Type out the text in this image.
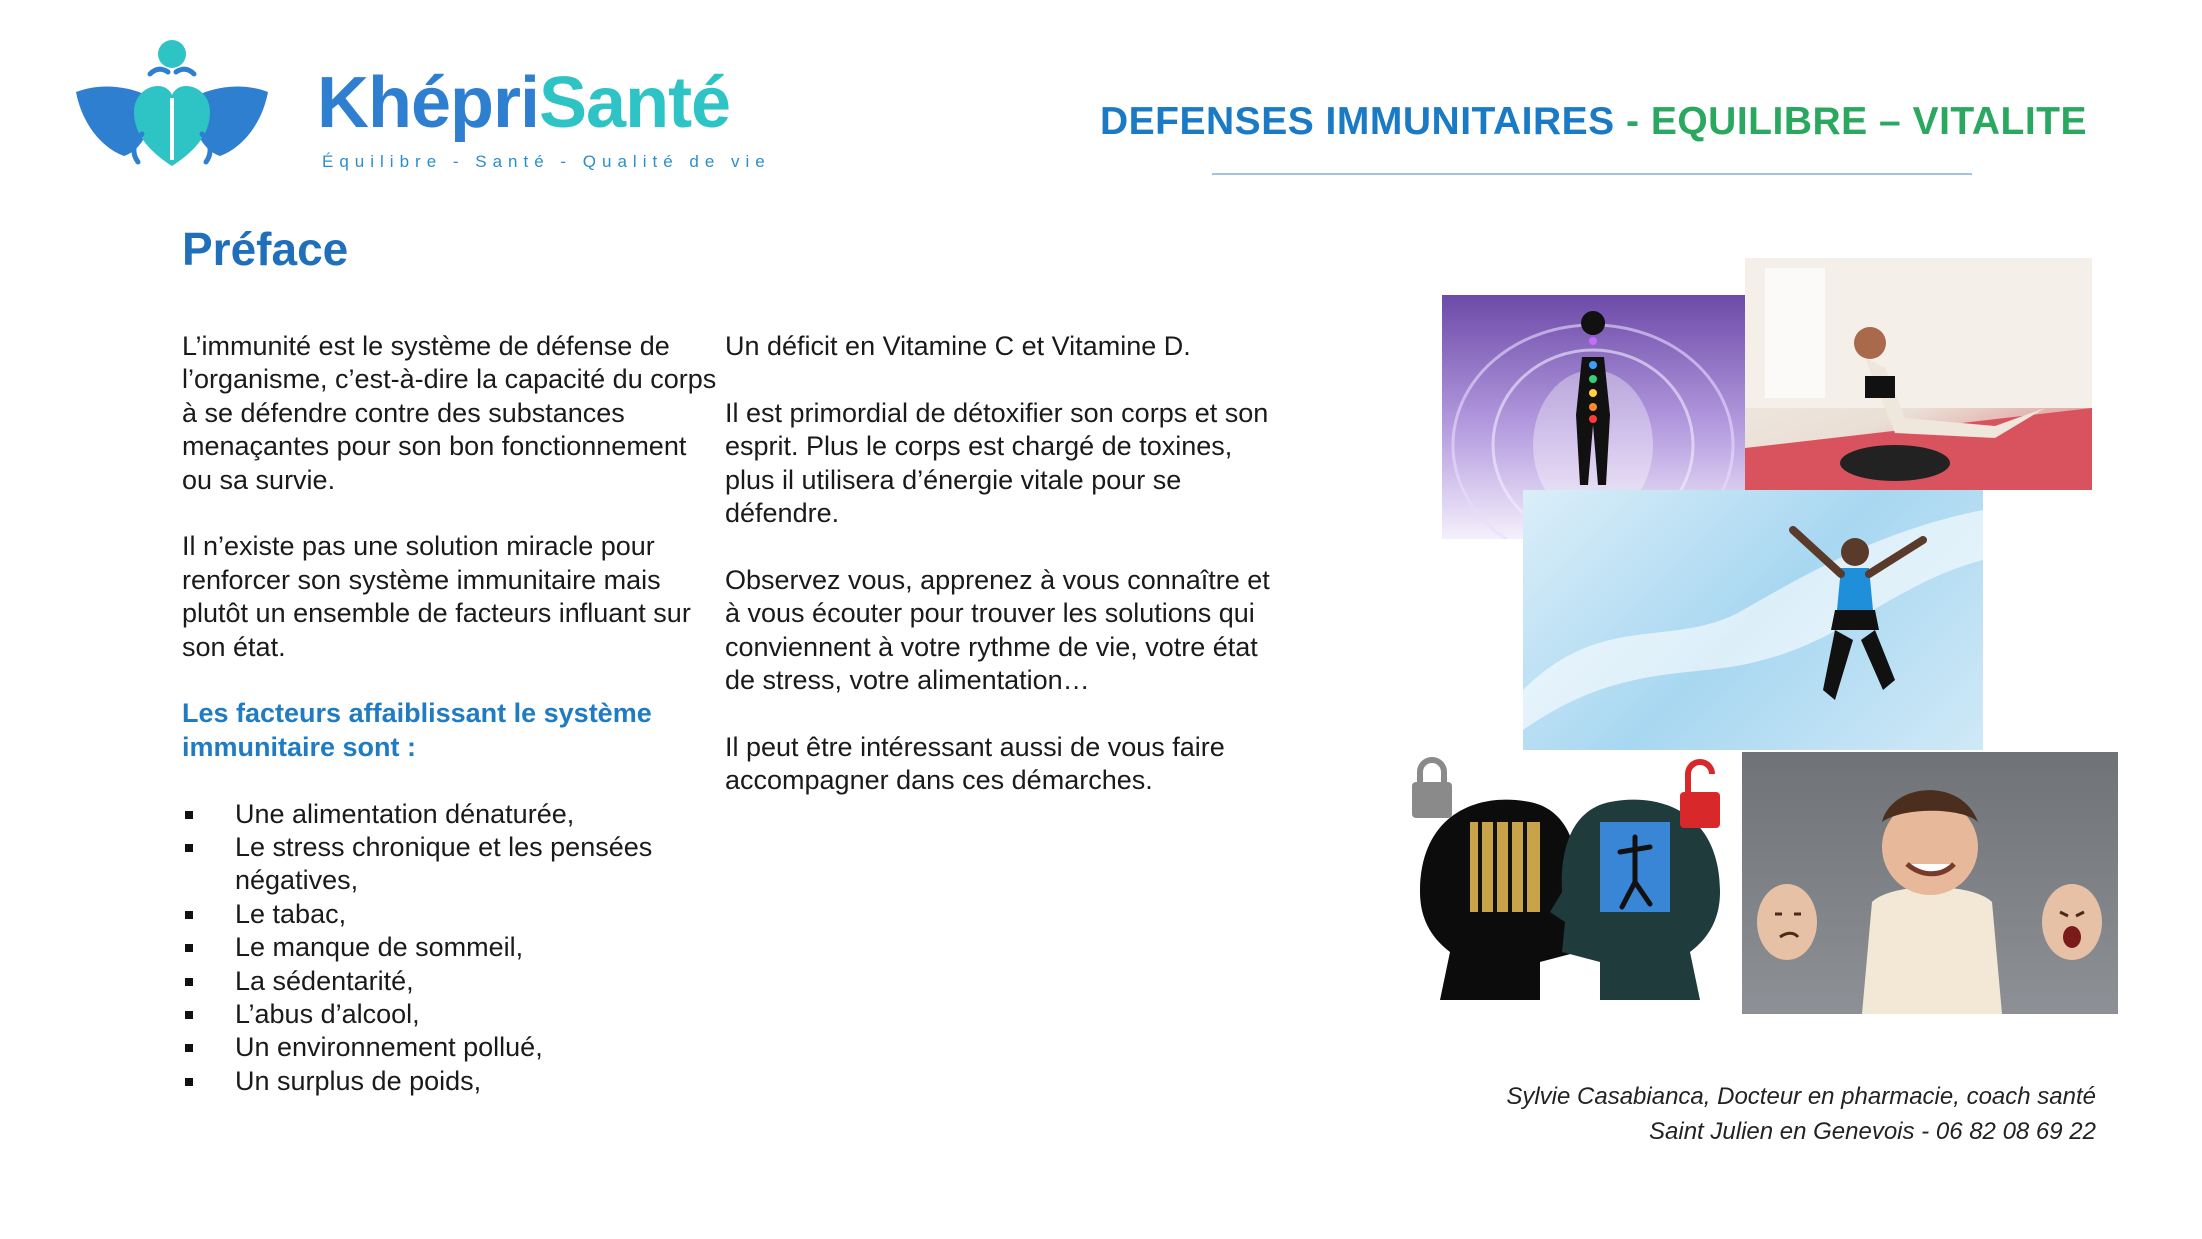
KhépriSanté
Équilibre - Santé - Qualité de vie
DEFENSES IMMUNITAIRES - EQUILIBRE – VITALITE
Préface

L’immunité est le système de défense de l’organisme, c’est-à-dire la capacité du corps à se défendre contre des substances menaçantes pour son bon fonctionnement ou sa survie.

Il n’existe pas une solution miracle pour renforcer son système immunitaire mais plutôt un ensemble de facteurs influant sur son état.

Les facteurs affaiblissant le système immunitaire sont :

Une alimentation dénaturée,
Le stress chronique et les pensées négatives,
Le tabac,
Le manque de sommeil,
La sédentarité,
L’abus d’alcool,
Un environnement pollué,
Un surplus de poids,

Un déficit en Vitamine C et Vitamine D.

Il est primordial de détoxifier son corps et son esprit. Plus le corps est chargé de toxines, plus il utilisera d’énergie vitale pour se défendre.

Observez vous, apprenez à vous connaître et à vous écouter pour trouver les solutions qui conviennent à votre rythme de vie, votre état de stress, votre alimentation…

Il peut être intéressant aussi de vous faire accompagner dans ces démarches.

Sylvie Casabianca, Docteur en pharmacie, coach santé
Saint Julien en Genevois - 06 82 08 69 22
